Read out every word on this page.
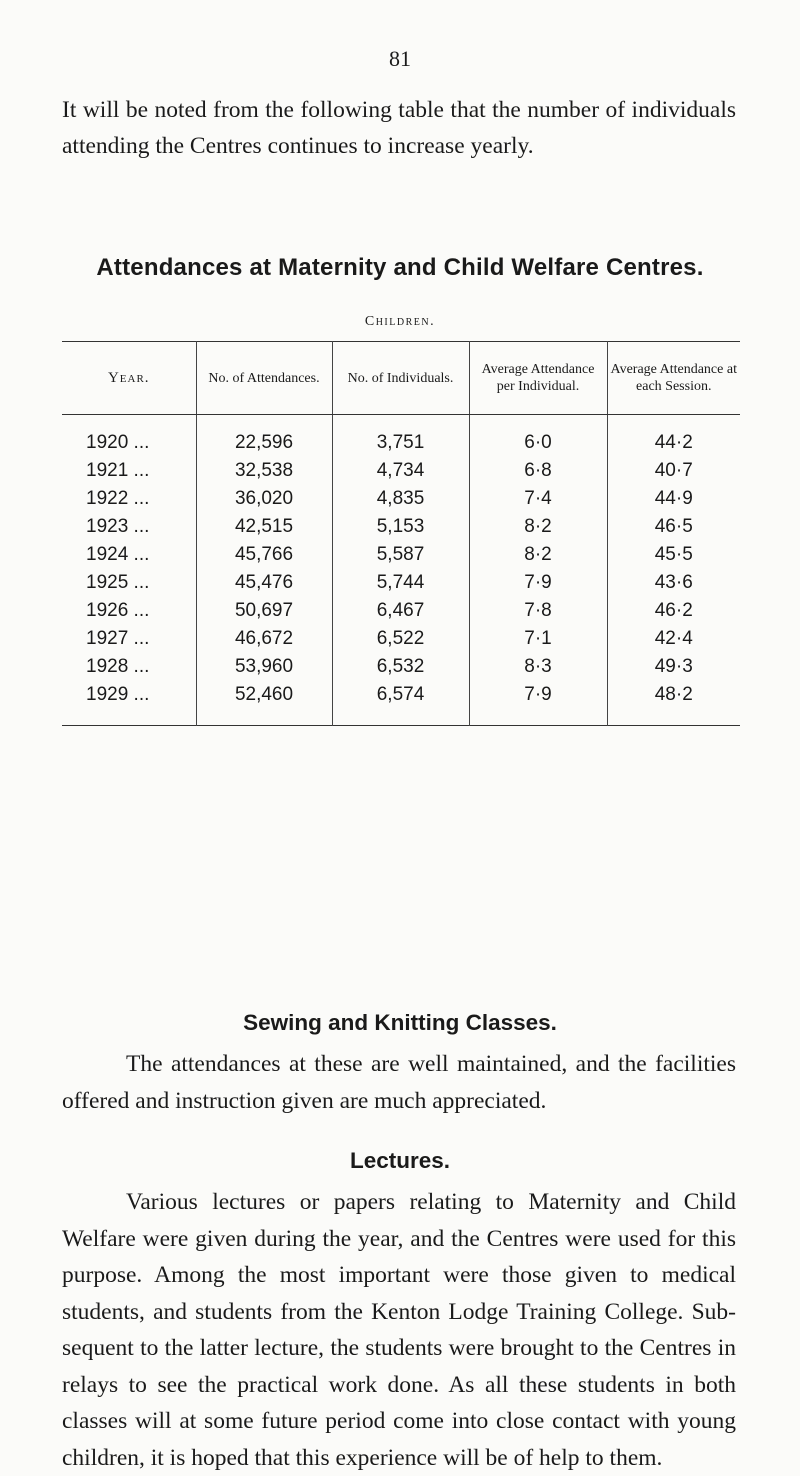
81
It will be noted from the following table that the number of individuals attending the Centres continues to increase yearly.
Attendances at Maternity and Child Welfare Centres.
Children.
Year.	No. of Attendances.	No. of Individuals.	Average Attendance per Individual.	Average Attendance at each Session.
1920 ...	22,596	3,751	6·0	44·2
1921 ...	32,538	4,734	6·8	40·7
1922 ...	36,020	4,835	7·4	44·9
1923 ...	42,515	5,153	8·2	46·5
1924 ...	45,766	5,587	8·2	45·5
1925 ...	45,476	5,744	7·9	43·6
1926 ...	50,697	6,467	7·8	46·2
1927 ...	46,672	6,522	7·1	42·4
1928 ...	53,960	6,532	8·3	49·3
1929 ...	52,460	6,574	7·9	48·2
Sewing and Knitting Classes.
The attendances at these are well maintained, and the facilities offered and instruction given are much appreciated.
Lectures.
Various lectures or papers relating to Maternity and Child Welfare were given during the year, and the Centres were used for this purpose. Among the most important were those given to medical students, and students from the Kenton Lodge Training College. Sub-sequent to the latter lecture, the students were brought to the Centres in relays to see the practical work done. As all these students in both classes will at some future period come into close contact with young children, it is hoped that this experience will be of help to them.
